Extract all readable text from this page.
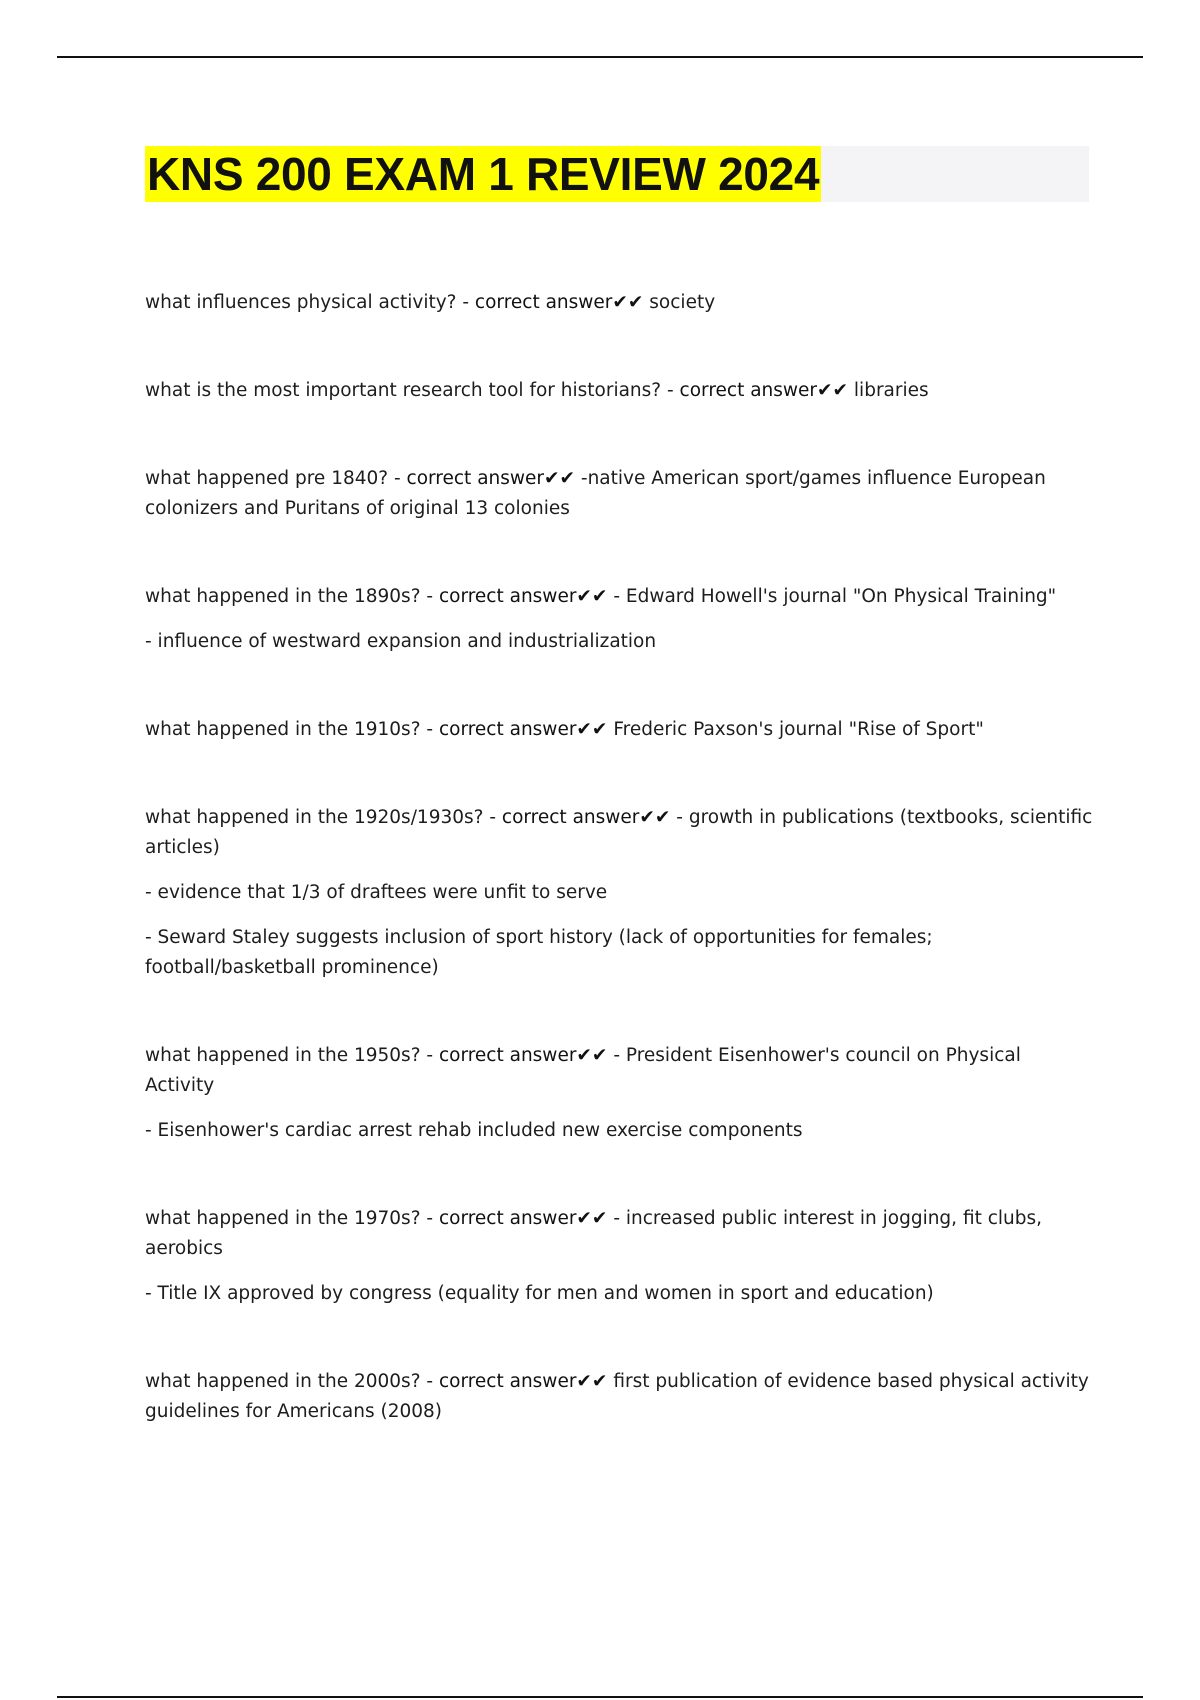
KNS 200 EXAM 1 REVIEW 2024

what influences physical activity? - correct answer✔✔ society

what is the most important research tool for historians? - correct answer✔✔ libraries

what happened pre 1840? - correct answer✔✔ -native American sport/games influence European colonizers and Puritans of original 13 colonies

what happened in the 1890s? - correct answer✔✔ - Edward Howell's journal "On Physical Training"

- influence of westward expansion and industrialization

what happened in the 1910s? - correct answer✔✔ Frederic Paxson's journal "Rise of Sport"

what happened in the 1920s/1930s? - correct answer✔✔ - growth in publications (textbooks, scientific articles)

- evidence that 1/3 of draftees were unfit to serve

- Seward Staley suggests inclusion of sport history (lack of opportunities for females; football/basketball prominence)

what happened in the 1950s? - correct answer✔✔ - President Eisenhower's council on Physical Activity

- Eisenhower's cardiac arrest rehab included new exercise components

what happened in the 1970s? - correct answer✔✔ - increased public interest in jogging, fit clubs, aerobics

- Title IX approved by congress (equality for men and women in sport and education)

what happened in the 2000s? - correct answer✔✔ first publication of evidence based physical activity guidelines for Americans (2008)
